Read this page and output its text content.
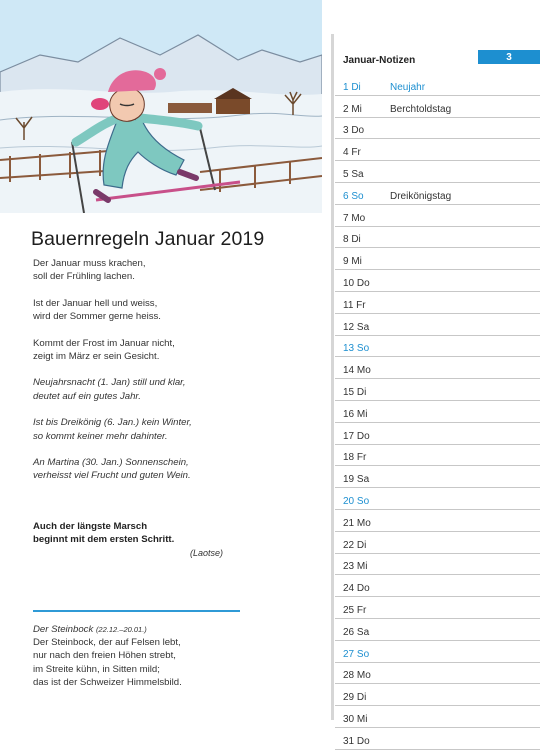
Bauernregeln Januar 2019

Der Januar muss krachen,
soll der Frühling lachen.

Ist der Januar hell und weiss,
wird der Sommer gerne heiss.

Kommt der Frost im Januar nicht,
zeigt im März er sein Gesicht.

Neujahrsnacht (1. Jan) still und klar,
deutet auf ein gutes Jahr.

Ist bis Dreikönig (6. Jan.) kein Winter,
so kommt keiner mehr dahinter.

An Martina (30. Jan.) Sonnenschein,
verheisst viel Frucht und guten Wein.

Auch der längste Marsch
beginnt mit dem ersten Schritt.
(Laotse)
Der Steinbock (22.12.–20.01.)
Der Steinbock, der auf Felsen lebt,
nur nach den freien Höhen strebt,
im Streite kühn, in Sitten mild;
das ist der Schweizer Himmelsbild.
Januar-Notizen	3
1 Di	Neujahr
2 Mi	Berchtoldstag
3 Do
4 Fr
5 Sa
6 So	Dreikönigstag
7 Mo
8 Di
9 Mi
10 Do
11 Fr
12 Sa
13 So
14 Mo
15 Di
16 Mi
17 Do
18 Fr
19 Sa
20 So
21 Mo
22 Di
23 Mi
24 Do
25 Fr
26 Sa
27 So
28 Mo
29 Di
30 Mi
31 Do
